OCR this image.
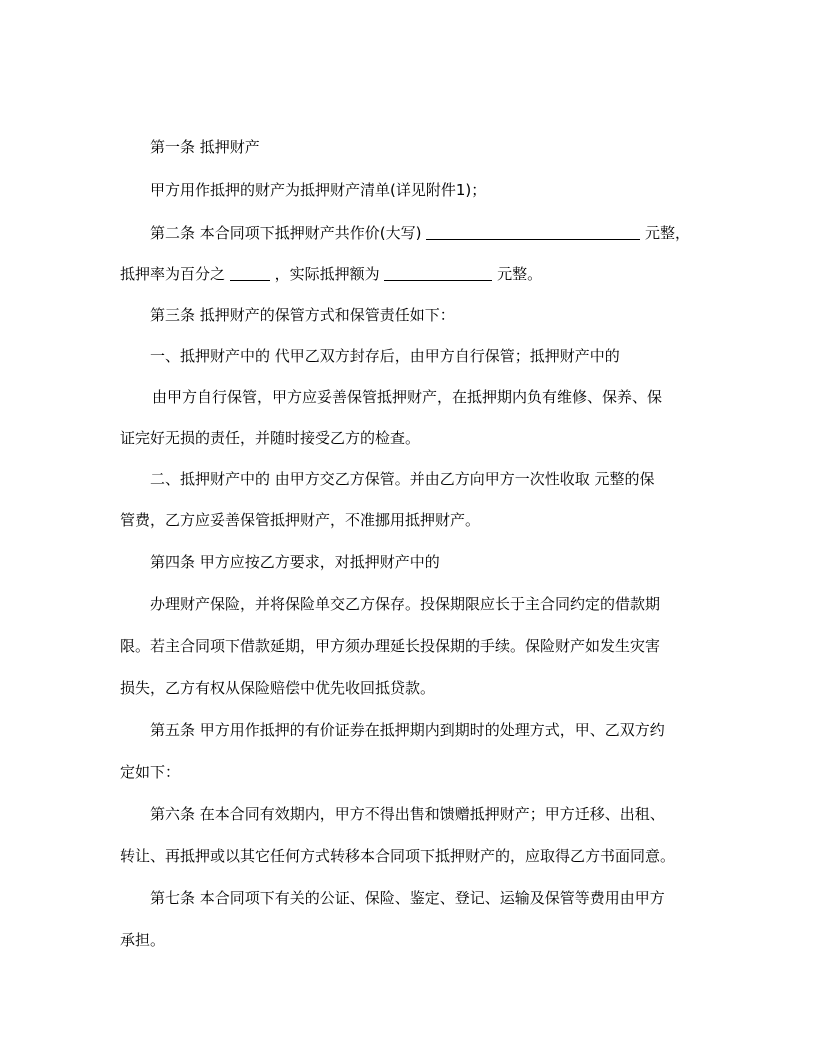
第一条 抵押财产
甲方用作抵押的财产为抵押财产清单(详见附件1)；
第二条 本合同项下抵押财产共作价(大写)	元整，
抵押率为百分之	，实际抵押额为	元整。
第三条 抵押财产的保管方式和保管责任如下：
一、抵押财产中的 代甲乙双方封存后，由甲方自行保管；抵押财产中的
由甲方自行保管，甲方应妥善保管抵押财产，在抵押期内负有维修、保养、保
证完好无损的责任，并随时接受乙方的检查。
二、抵押财产中的 由甲方交乙方保管。并由乙方向甲方一次性收取 元整的保
管费，乙方应妥善保管抵押财产，不准挪用抵押财产。
第四条 甲方应按乙方要求，对抵押财产中的
办理财产保险，并将保险单交乙方保存。投保期限应长于主合同约定的借款期
限。若主合同项下借款延期，甲方须办理延长投保期的手续。保险财产如发生灾害
损失，乙方有权从保险赔偿中优先收回抵贷款。
第五条 甲方用作抵押的有价证券在抵押期内到期时的处理方式，甲、乙双方约
定如下：
第六条 在本合同有效期内，甲方不得出售和馈赠抵押财产；甲方迁移、出租、
转让、再抵押或以其它任何方式转移本合同项下抵押财产的，应取得乙方书面同意。
第七条 本合同项下有关的公证、保险、鉴定、登记、运输及保管等费用由甲方
承担。
